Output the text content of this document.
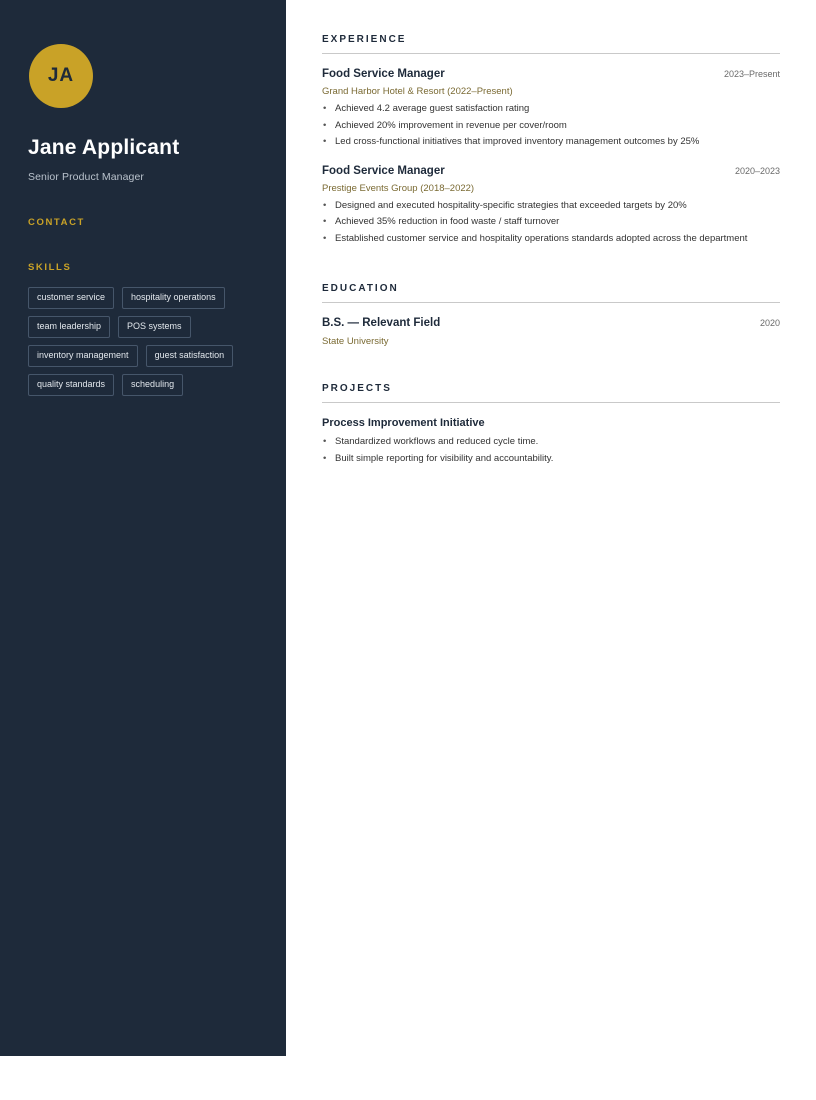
JA
Jane Applicant
Senior Product Manager
CONTACT
SKILLS
customer service	hospitality operations
team leadership	POS systems
inventory management	guest satisfaction
quality standards	scheduling
EXPERIENCE
Food Service Manager	2023–Present
Grand Harbor Hotel & Resort (2022–Present)
• Achieved 4.2 average guest satisfaction rating
• Achieved 20% improvement in revenue per cover/room
• Led cross-functional initiatives that improved inventory management outcomes by 25%
Food Service Manager	2020–2023
Prestige Events Group (2018–2022)
• Designed and executed hospitality-specific strategies that exceeded targets by 20%
• Achieved 35% reduction in food waste / staff turnover
• Established customer service and hospitality operations standards adopted across the department
EDUCATION
B.S. — Relevant Field	2020
State University
PROJECTS
Process Improvement Initiative
• Standardized workflows and reduced cycle time.
• Built simple reporting for visibility and accountability.
